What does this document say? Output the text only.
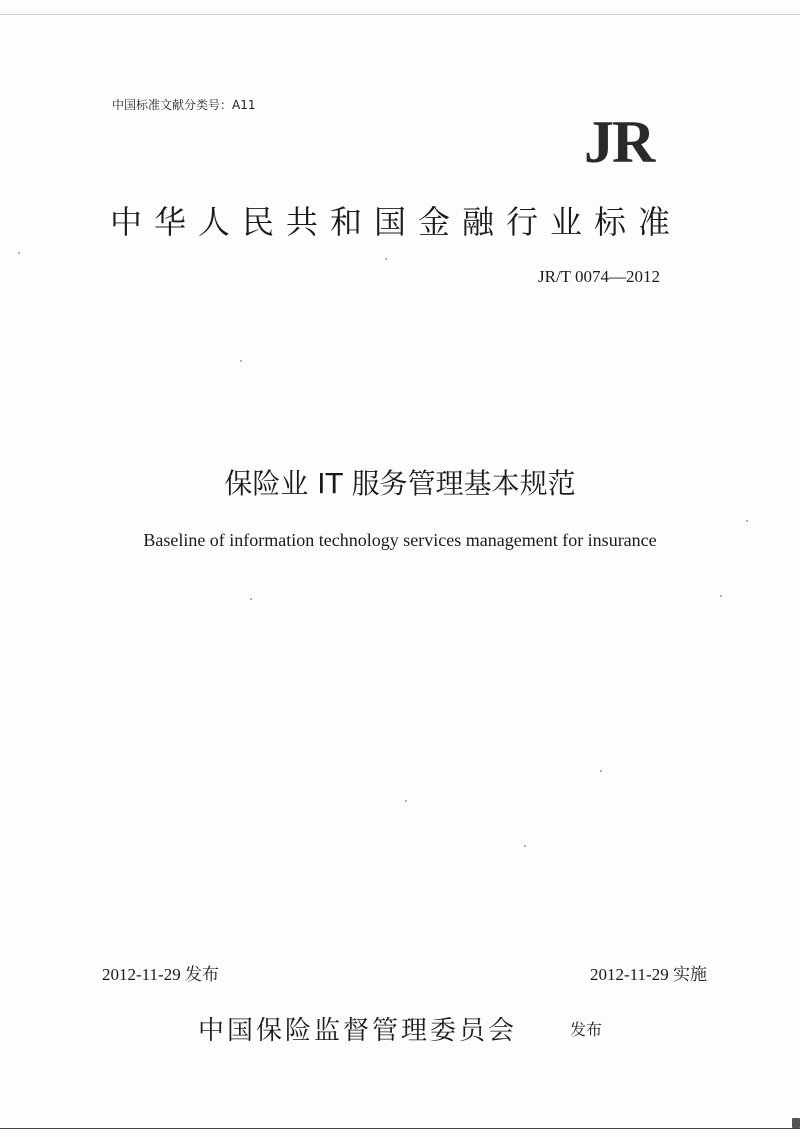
中国标准文献分类号：A11
JR
中华人民共和国金融行业标准
JR/T 0074—2012
保险业 IT 服务管理基本规范
Baseline of information technology services management for insurance
2012-11-29 发布	2012-11-29 实施
中国保险监督管理委员会	发布
